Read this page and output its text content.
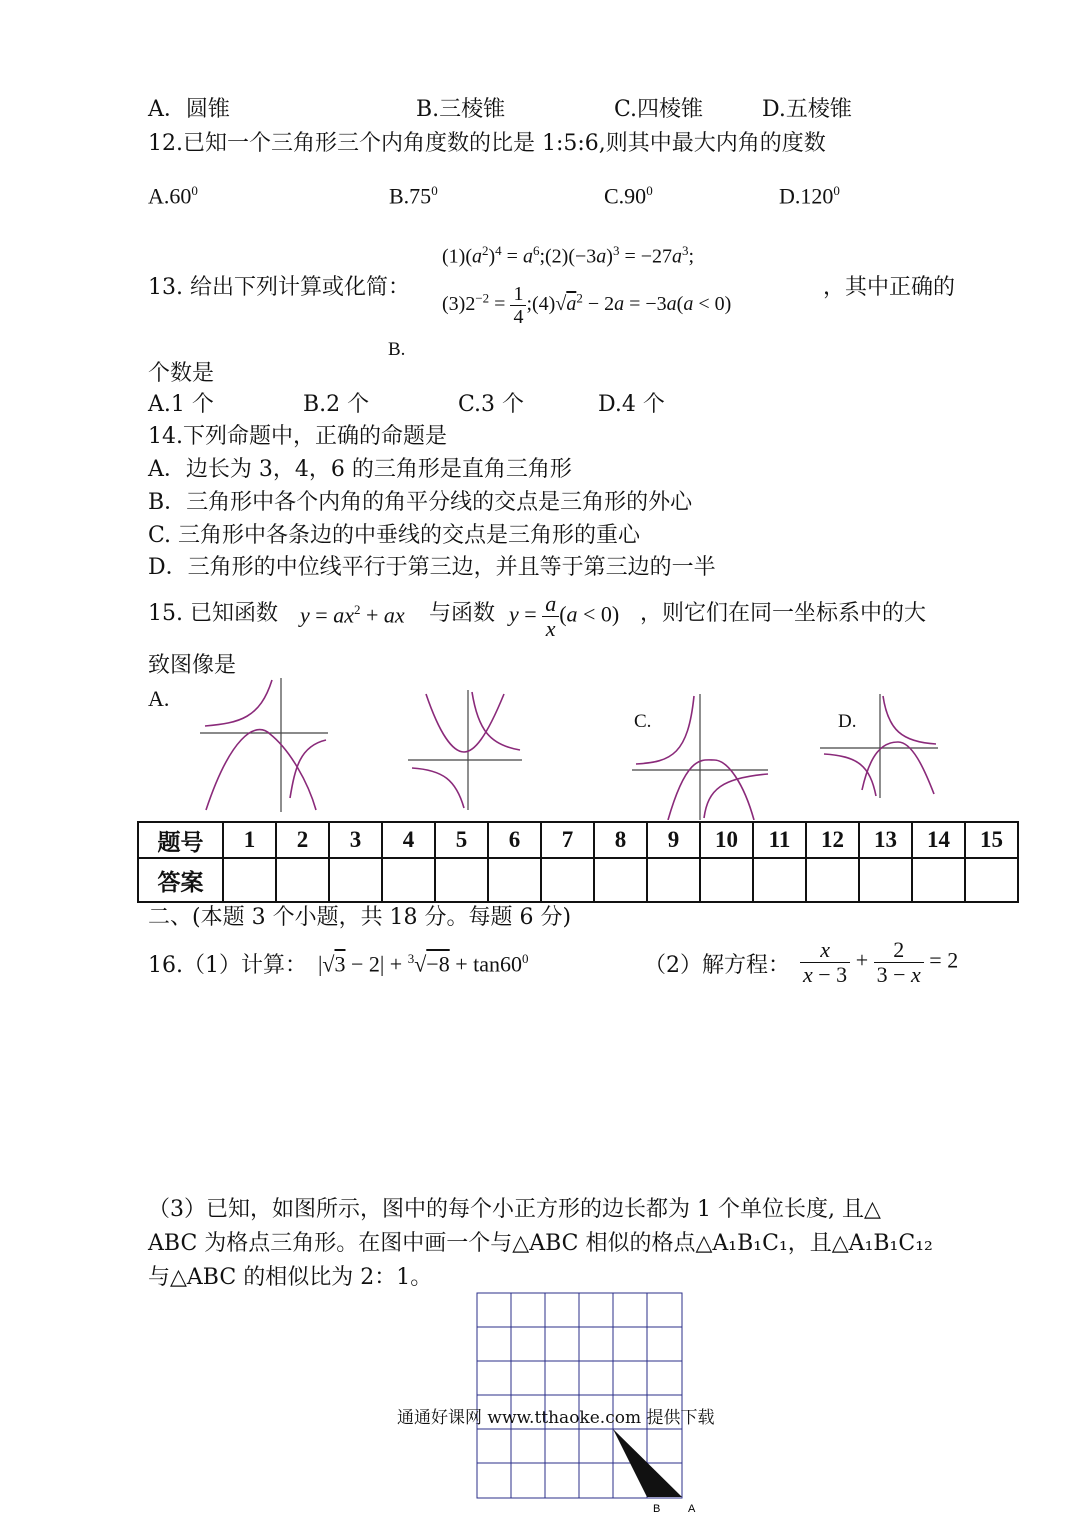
A．圆锥	B.三棱锥	C.四棱锥	D.五棱锥
12.已知一个三角形三个内角度数的比是 1:5:6,则其中最大内角的度数
$A.60^0$	$B.75^0$	$C.90^0$	D.120$^0$
13. 给出下列计算或化简：
$(1)(a^2)^4$ = $a^6;(2)(-3a)^3 = -27a^3$;
$(3)2^{-2} = \frac{1}{4}$ $;(4)√a^2 - 2a = -3a(a < 0)$
，其中正确的
B.
个数是
A.1 个	B.2 个	C.3 个	D.4 个
14.下列命题中，正确的命题是
A．边长为 3，4，6 的三角形是直角三角形
B．三角形中各个内角的角平分线的交点是三角形的外心
C. 三角形中各条边的中垂线的交点是三角形的重心
D．三角形的中位线平行于第三边，并且等于第三边的一半
15. 已知函数 $y = ax^2$ + ax 与函数 $y = \frac{a}{x} (a < 0)$ ，则它们在同一坐标系中的大
致图像是
A.
C.	D.
题号	1	2	3	4	5	6	7	8	9	10	11	12	13	14	15
答案															
二、(本题 3 个小题，共 18 分。每题 6 分)
16.（1）计算： $|√3 - 2| + ^3√-8 + \tan 60^0$	（2）解方程： $\frac{x}{x - 3} + \frac{2}{3 - x} = 2$
（3）已知，如图所示，图中的每个小正方形的边长都为 1 个单位长度, 且△
ABC 为格点三角形。在图中画一个与△ABC 相似的格点△A₁B₁C₁，且△A₁B₁C₁₂
与△ABC 的相似比为 2：1。
B	A
通通好课网 www.tthaoke.com 提供下载
